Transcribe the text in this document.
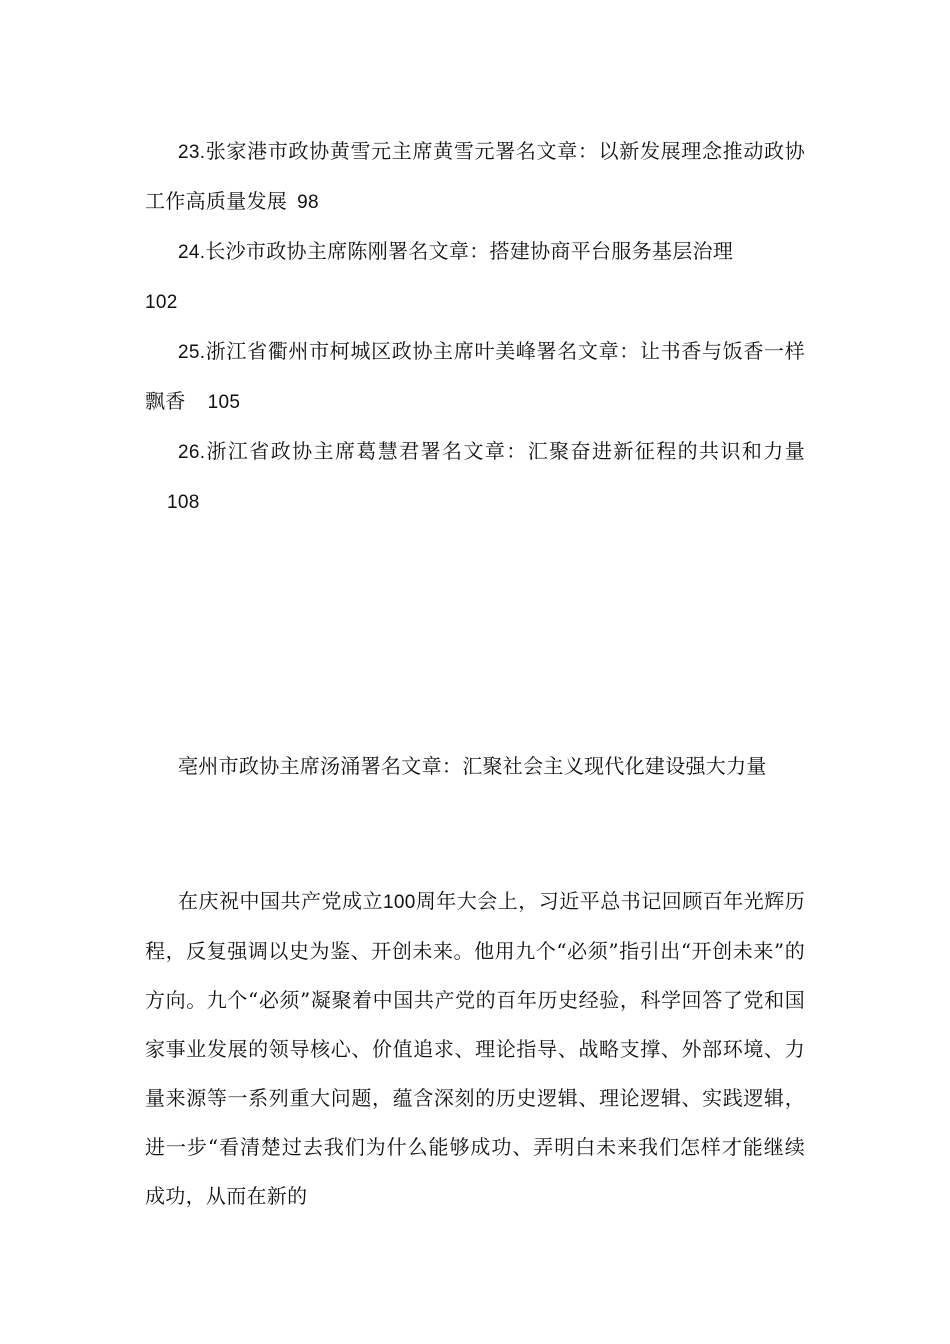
23.张家港市政协黄雪元主席黄雪元署名文章：以新发展理念推动政协工作高质量发展 98

24.长沙市政协主席陈刚署名文章：搭建协商平台服务基层治理
102

25.浙江省衢州市柯城区政协主席叶美峰署名文章：让书香与饭香一样飘香 105

26.浙江省政协主席葛慧君署名文章：汇聚奋进新征程的共识和力量108

亳州市政协主席汤涌署名文章：汇聚社会主义现代化建设强大力量

在庆祝中国共产党成立100周年大会上，习近平总书记回顾百年光辉历程，反复强调以史为鉴、开创未来。他用九个“必须”指引出“开创未来”的方向。九个“必须”凝聚着中国共产党的百年历史经验，科学回答了党和国家事业发展的领导核心、价值追求、理论指导、战略支撑、外部环境、力量来源等一系列重大问题，蕴含深刻的历史逻辑、理论逻辑、实践逻辑，进一步“看清楚过去我们为什么能够成功、弄明白未来我们怎样才能继续成功，从而在新的
